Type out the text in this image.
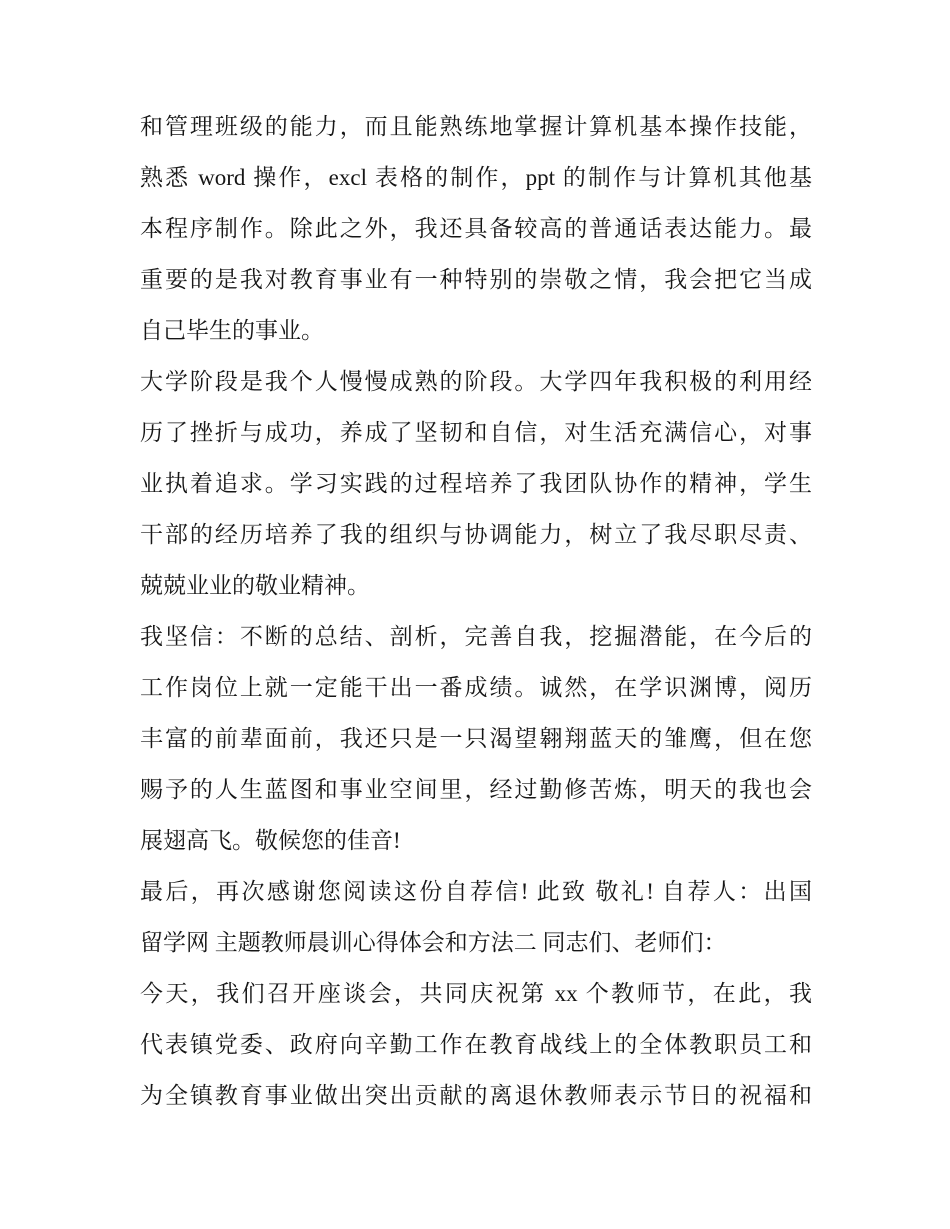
和管理班级的能力，而且能熟练地掌握计算机基本操作技能，
熟悉 word 操作，excl 表格的制作，ppt 的制作与计算机其他基
本程序制作。除此之外，我还具备较高的普通话表达能力。最
重要的是我对教育事业有一种特别的崇敬之情，我会把它当成
自己毕生的事业。
大学阶段是我个人慢慢成熟的阶段。大学四年我积极的利用经
历了挫折与成功，养成了坚韧和自信，对生活充满信心，对事
业执着追求。学习实践的过程培养了我团队协作的精神，学生
干部的经历培养了我的组织与协调能力，树立了我尽职尽责、
兢兢业业的敬业精神。
我坚信：不断的总结、剖析，完善自我，挖掘潜能，在今后的
工作岗位上就一定能干出一番成绩。诚然，在学识渊博，阅历
丰富的前辈面前，我还只是一只渴望翱翔蓝天的雏鹰，但在您
赐予的人生蓝图和事业空间里，经过勤修苦炼，明天的我也会
展翅高飞。敬候您的佳音!
最后，再次感谢您阅读这份自荐信! 此致 敬礼! 自荐人：出国
留学网 主题教师晨训心得体会和方法二 同志们、老师们：
今天，我们召开座谈会，共同庆祝第 xx 个教师节，在此，我
代表镇党委、政府向辛勤工作在教育战线上的全体教职员工和
为全镇教育事业做出突出贡献的离退休教师表示节日的祝福和
